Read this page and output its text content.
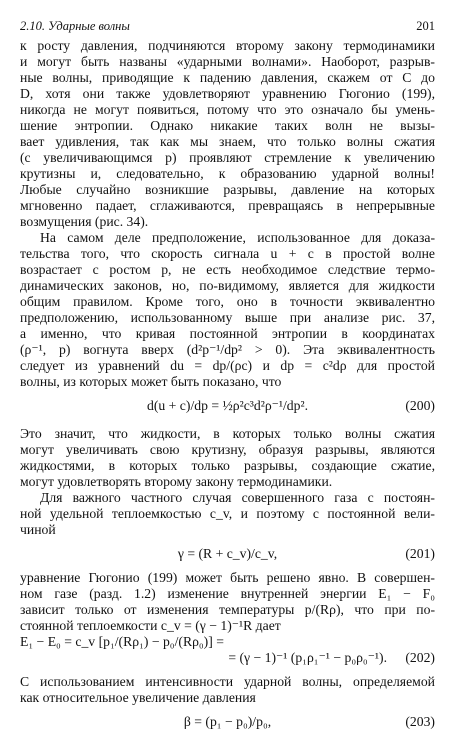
2.10. Ударные волны	201
к росту давления, подчиняются второму закону термодинамики
и могут быть названы «ударными волнами». Наоборот, разрыв-
ные волны, приводящие к падению давления, скажем от C до
D, хотя они также удовлетворяют уравнению Гюгонио (199),
никогда не могут появиться, потому что это означало бы умень-
шение энтропии. Однако никакие таких волн не вызы-
вает удивления, так как мы знаем, что только волны сжатия
(с увеличивающимся p) проявляют стремление к увеличению
крутизны и, следовательно, к образованию ударной волны!
Любые случайно возникшие разрывы, давление на которых
мгновенно падает, сглаживаются, превращаясь в непрерывные
возмущения (рис. 34).
На самом деле предположение, использованное для доказа-
тельства того, что скорость сигнала u + c в простой волне
возрастает с ростом p, не есть необходимое следствие термо-
динамических законов, но, по-видимому, является для жидкости
общим правилом. Кроме того, оно в точности эквивалентно
предположению, использованному выше при анализе рис. 37,
а именно, что кривая постоянной энтропии в координатах
(ρ⁻¹, p) вогнута вверх (d²p⁻¹/dp² > 0). Эта эквивалентность
следует из уравнений du = dp/(ρc) и dp = c²dρ для простой
волны, из которых может быть показано, что
d(u + c)/dp = ½ρ²c³d²ρ⁻¹/dp².	(200)
Это значит, что жидкости, в которых только волны сжатия
могут увеличивать свою крутизну, образуя разрывы, являются
жидкостями, в которых только разрывы, создающие сжатие,
могут удовлетворять второму закону термодинамики.
Для важного частного случая совершенного газа с постоян-
ной удельной теплоемкостью c_v, и поэтому с постоянной вели-
чиной
γ = (R + c_v)/c_v,	(201)
уравнение Гюгонио (199) может быть решено явно. В совершен-
ном газе (разд. 1.2) изменение внутренней энергии E₁ − F₀
зависит только от изменения температуры p/(Rρ), что при по-
стоянной теплоемкости c_v = (γ − 1)⁻¹R дает
E₁ − E₀ = c_v [p₁/(Rρ₁) − p₀/(Rρ₀)] =
= (γ − 1)⁻¹ (p₁ρ₁⁻¹ − p₀ρ₀⁻¹). (202)
С использованием интенсивности ударной волны, определяемой
как относительное увеличение давления
β = (p₁ − p₀)/p₀,	(203)
